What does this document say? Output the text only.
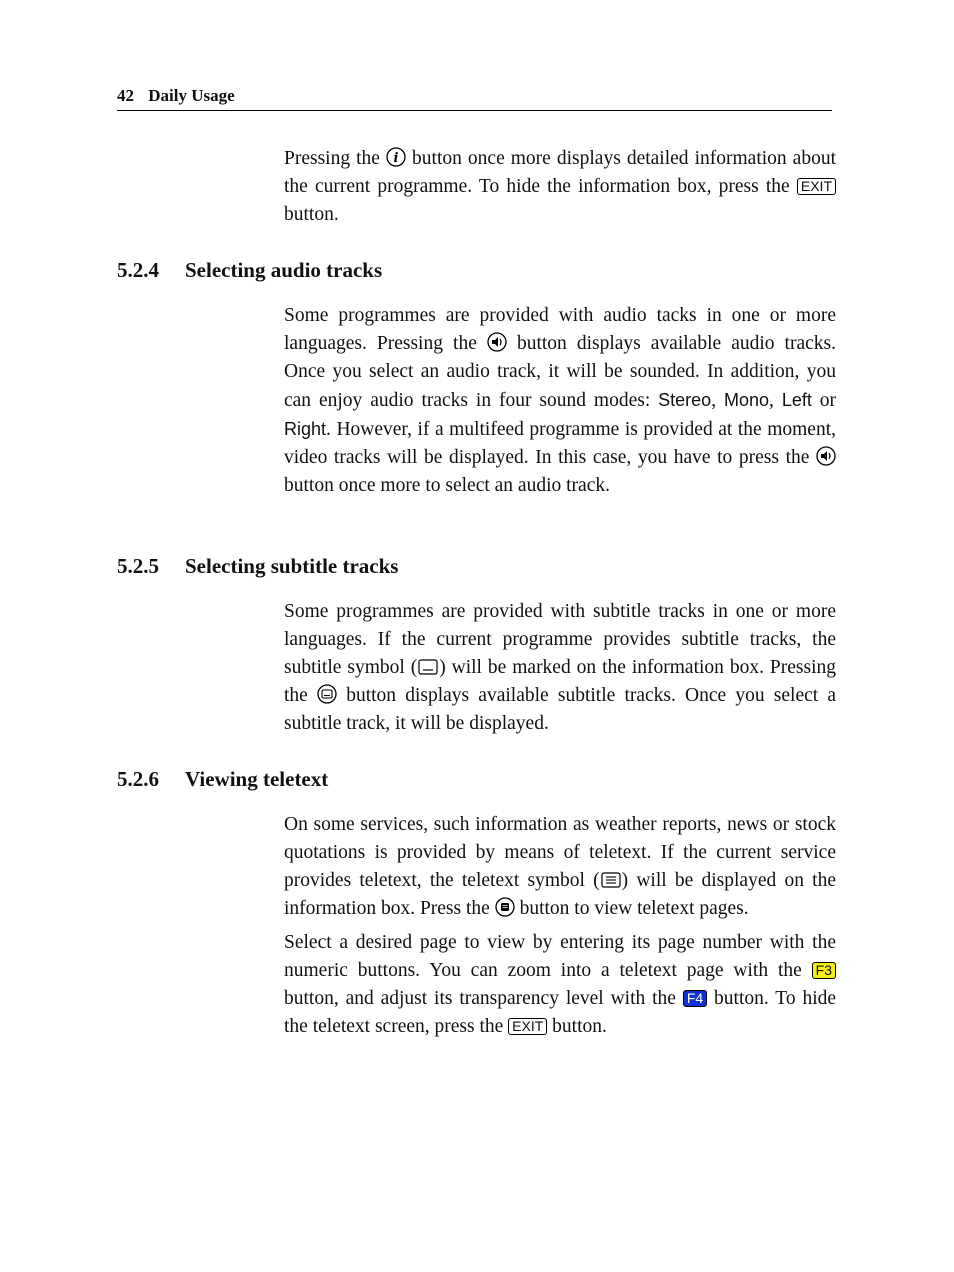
42 Daily Usage

Pressing the i button once more displays detailed information about the current programme. To hide the information box, press the EXIT button.

5.2.4 Selecting audio tracks

Some programmes are provided with audio tacks in one or more languages. Pressing the button displays available audio tracks. Once you select an audio track, it will be sounded. In addition, you can enjoy audio tracks in four sound modes: Stereo, Mono, Left or Right. However, if a multifeed programme is provided at the moment, video tracks will be displayed. In this case, you have to press the
button once more to select an audio track.

5.2.5 Selecting subtitle tracks

Some programmes are provided with subtitle tracks in one or more languages. If the current programme provides subtitle tracks, the subtitle symbol ( ) will be marked on the information box. Pressing the button displays available subtitle tracks. Once you select a subtitle track, it will be displayed.

5.2.6 Viewing teletext

On some services, such information as weather reports, news or stock quotations is provided by means of teletext. If the current service provides teletext, the teletext symbol ( ) will be displayed on the information box. Press the button to view teletext pages.

Select a desired page to view by entering its page number with the numeric buttons. You can zoom into a teletext page with the F3 button, and adjust its transparency level with the F4 button. To hide the teletext screen, press the EXIT button.
